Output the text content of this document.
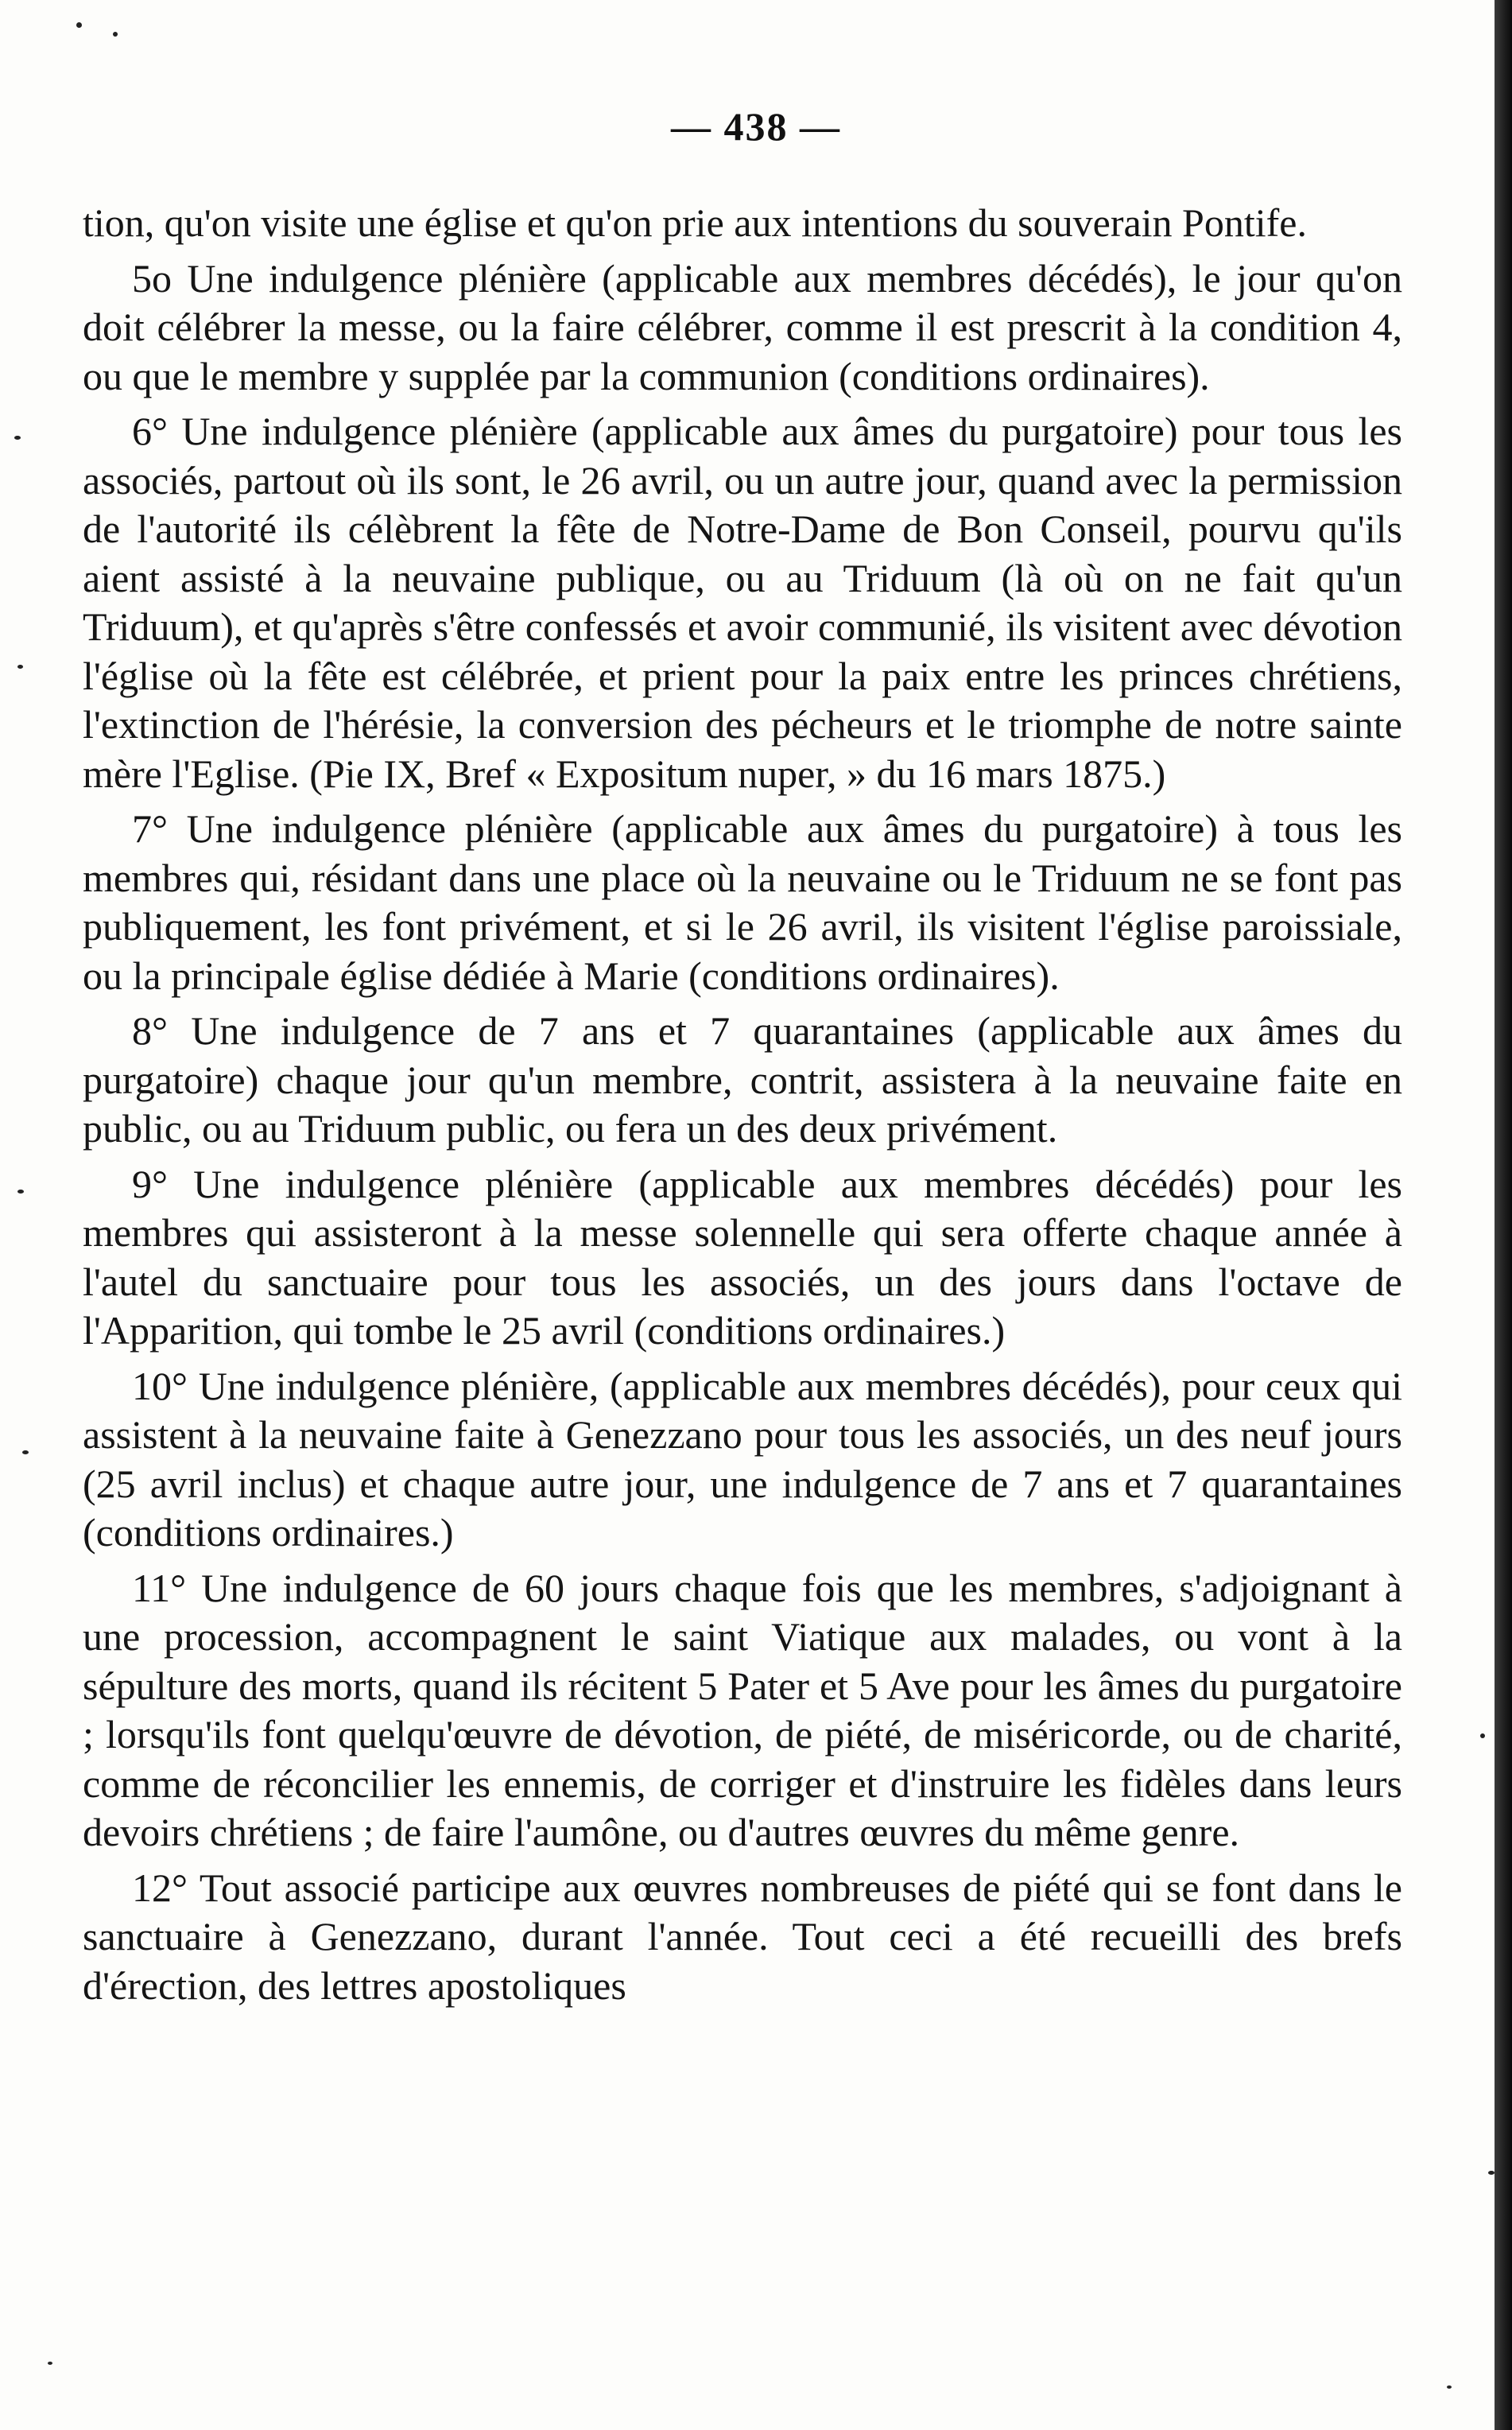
— 438 —

tion, qu'on visite une église et qu'on prie aux intentions du souverain Pontife.

5o Une indulgence plénière (applicable aux membres décédés), le jour qu'on doit célébrer la messe, ou la faire célébrer, comme il est prescrit à la condition 4, ou que le membre y supplée par la communion (conditions ordinaires).

6° Une indulgence plénière (applicable aux âmes du purgatoire) pour tous les associés, partout où ils sont, le 26 avril, ou un autre jour, quand avec la permission de l'autorité ils célèbrent la fête de Notre-Dame de Bon Conseil, pourvu qu'ils aient assisté à la neuvaine publique, ou au Triduum (là où on ne fait qu'un Triduum), et qu'après s'être confessés et avoir communié, ils visitent avec dévotion l'église où la fête est célébrée, et prient pour la paix entre les princes chrétiens, l'extinction de l'hérésie, la conversion des pécheurs et le triomphe de notre sainte mère l'Eglise. (Pie IX, Bref « Expositum nuper, » du 16 mars 1875.)

7° Une indulgence plénière (applicable aux âmes du purgatoire) à tous les membres qui, résidant dans une place où la neuvaine ou le Triduum ne se font pas publiquement, les font privément, et si le 26 avril, ils visitent l'église paroissiale, ou la principale église dédiée à Marie (conditions ordinaires).

8° Une indulgence de 7 ans et 7 quarantaines (applicable aux âmes du purgatoire) chaque jour qu'un membre, contrit, assistera à la neuvaine faite en public, ou au Triduum public, ou fera un des deux privément.

9° Une indulgence plénière (applicable aux membres décédés) pour les membres qui assisteront à la messe solennelle qui sera offerte chaque année à l'autel du sanctuaire pour tous les associés, un des jours dans l'octave de l'Apparition, qui tombe le 25 avril (conditions ordinaires.)

10° Une indulgence plénière, (applicable aux membres décédés), pour ceux qui assistent à la neuvaine faite à Genezzano pour tous les associés, un des neuf jours (25 avril inclus) et chaque autre jour, une indulgence de 7 ans et 7 quarantaines (conditions ordinaires.)

11° Une indulgence de 60 jours chaque fois que les membres, s'adjoignant à une procession, accompagnent le saint Viatique aux malades, ou vont à la sépulture des morts, quand ils récitent 5 Pater et 5 Ave pour les âmes du purgatoire ; lorsqu'ils font quelqu'œuvre de dévotion, de piété, de miséricorde, ou de charité, comme de réconcilier les ennemis, de corriger et d'instruire les fidèles dans leurs devoirs chrétiens ; de faire l'aumône, ou d'autres œuvres du même genre.

12° Tout associé participe aux œuvres nombreuses de piété qui se font dans le sanctuaire à Genezzano, durant l'année. Tout ceci a été recueilli des brefs d'érection, des lettres apostoliques
